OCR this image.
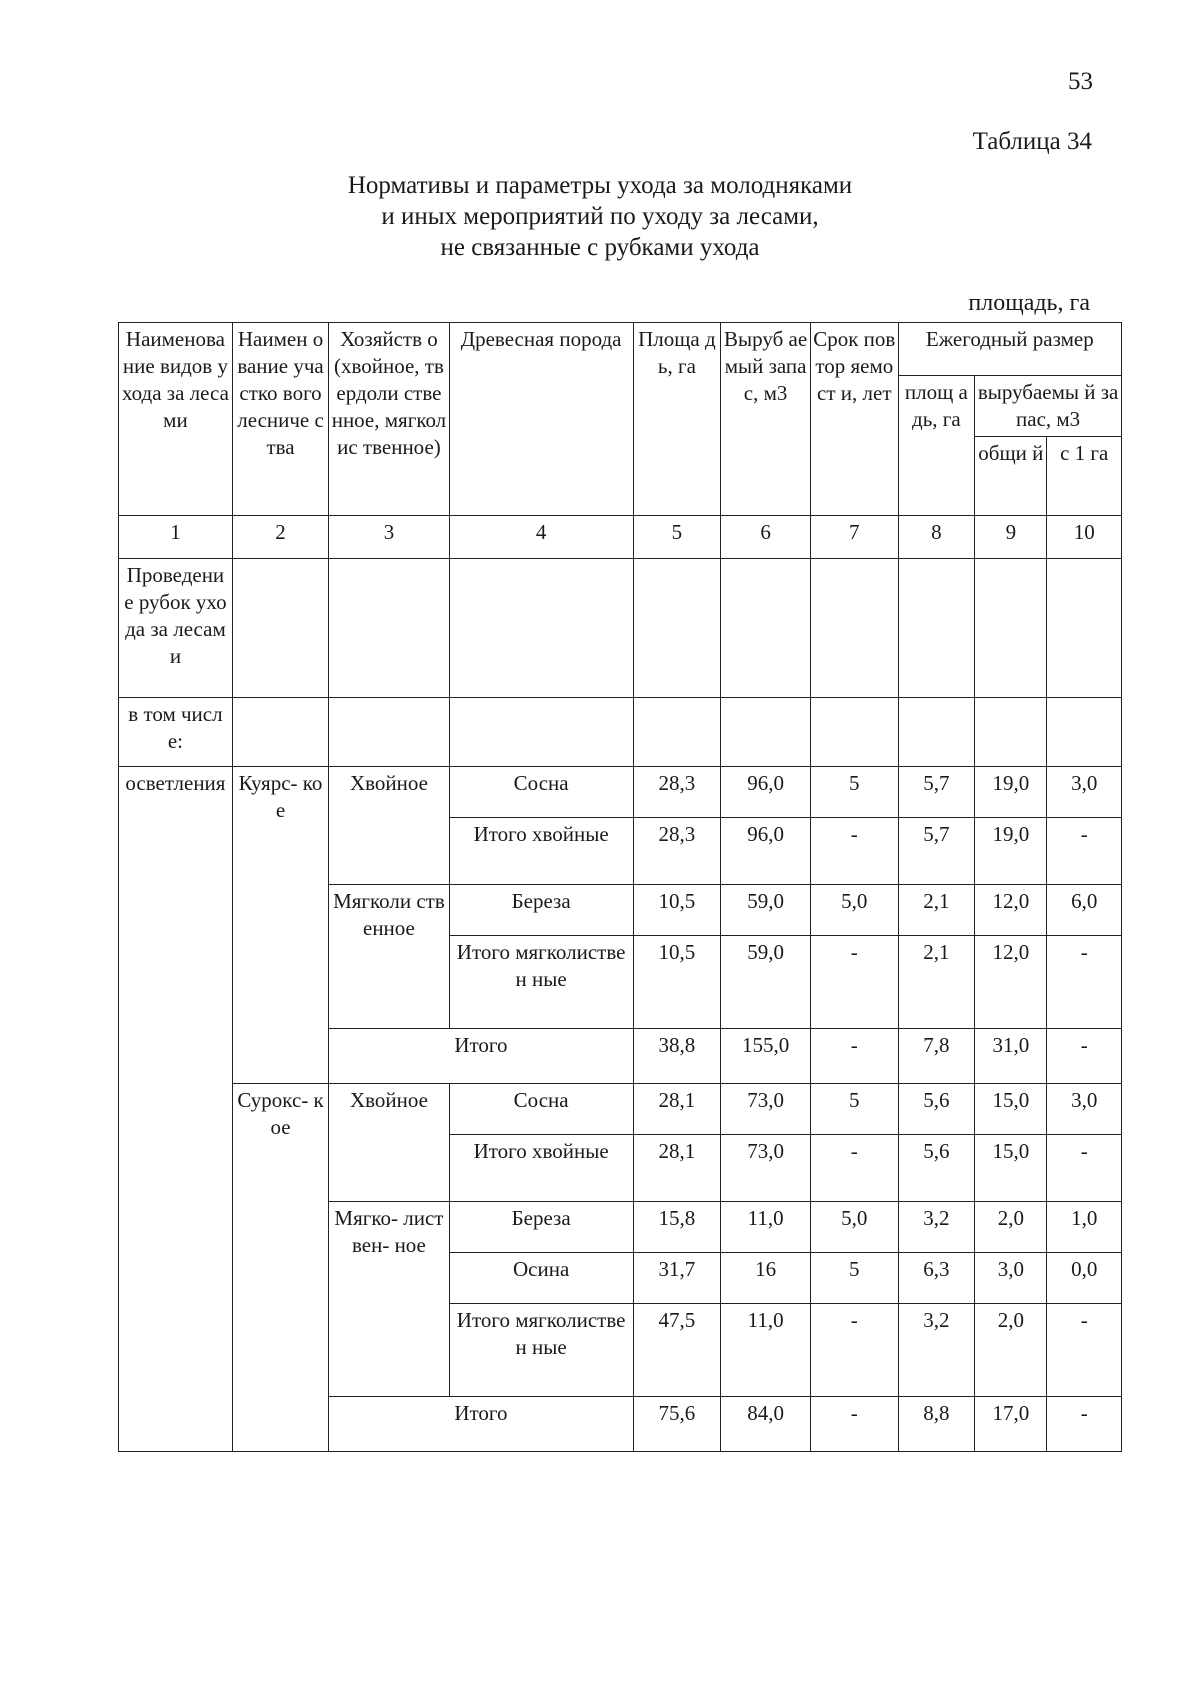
53
Таблица 34
Нормативы и параметры ухода за молодняками
и иных мероприятий по уходу за лесами,
не связанные с рубками ухода
площадь, га
Наименова ние видов ухода за лесами	Наимен ование участко вого лесниче ства	Хозяйств о (хвойное, твердоли ственное, мягколис твенное)	Древесная порода	Площа дь, га	Выруб аемый запас, м3	Срок повтор яемост и, лет	Ежегодный размер		
							площ адь, га	вырубаемы й запас, м3	
								общи й	с 1 га
1	2	3	4	5	6	7	8	9	10
Проведени е рубок ухода за лесами									
в том числе:									
осветления	Куярс- кое	Хвойное	Сосна	28,3	96,0	5	5,7	19,0	3,0
			Итого хвойные	28,3	96,0	-	5,7	19,0	-
		Мягколи ственное	Береза	10,5	59,0	5,0	2,1	12,0	6,0
			Итого мягколиствен ные	10,5	59,0	-	2,1	12,0	-
		Итого		38,8	155,0	-	7,8	31,0	-
	Сурокс- кое	Хвойное	Сосна	28,1	73,0	5	5,6	15,0	3,0
			Итого хвойные	28,1	73,0	-	5,6	15,0	-
		Мягко- листвен- ное	Береза	15,8	11,0	5,0	3,2	2,0	1,0
			Осина	31,7	16	5	6,3	3,0	0,0
			Итого мягколиствен ные	47,5	11,0	-	3,2	2,0	-
		Итого		75,6	84,0	-	8,8	17,0	-
